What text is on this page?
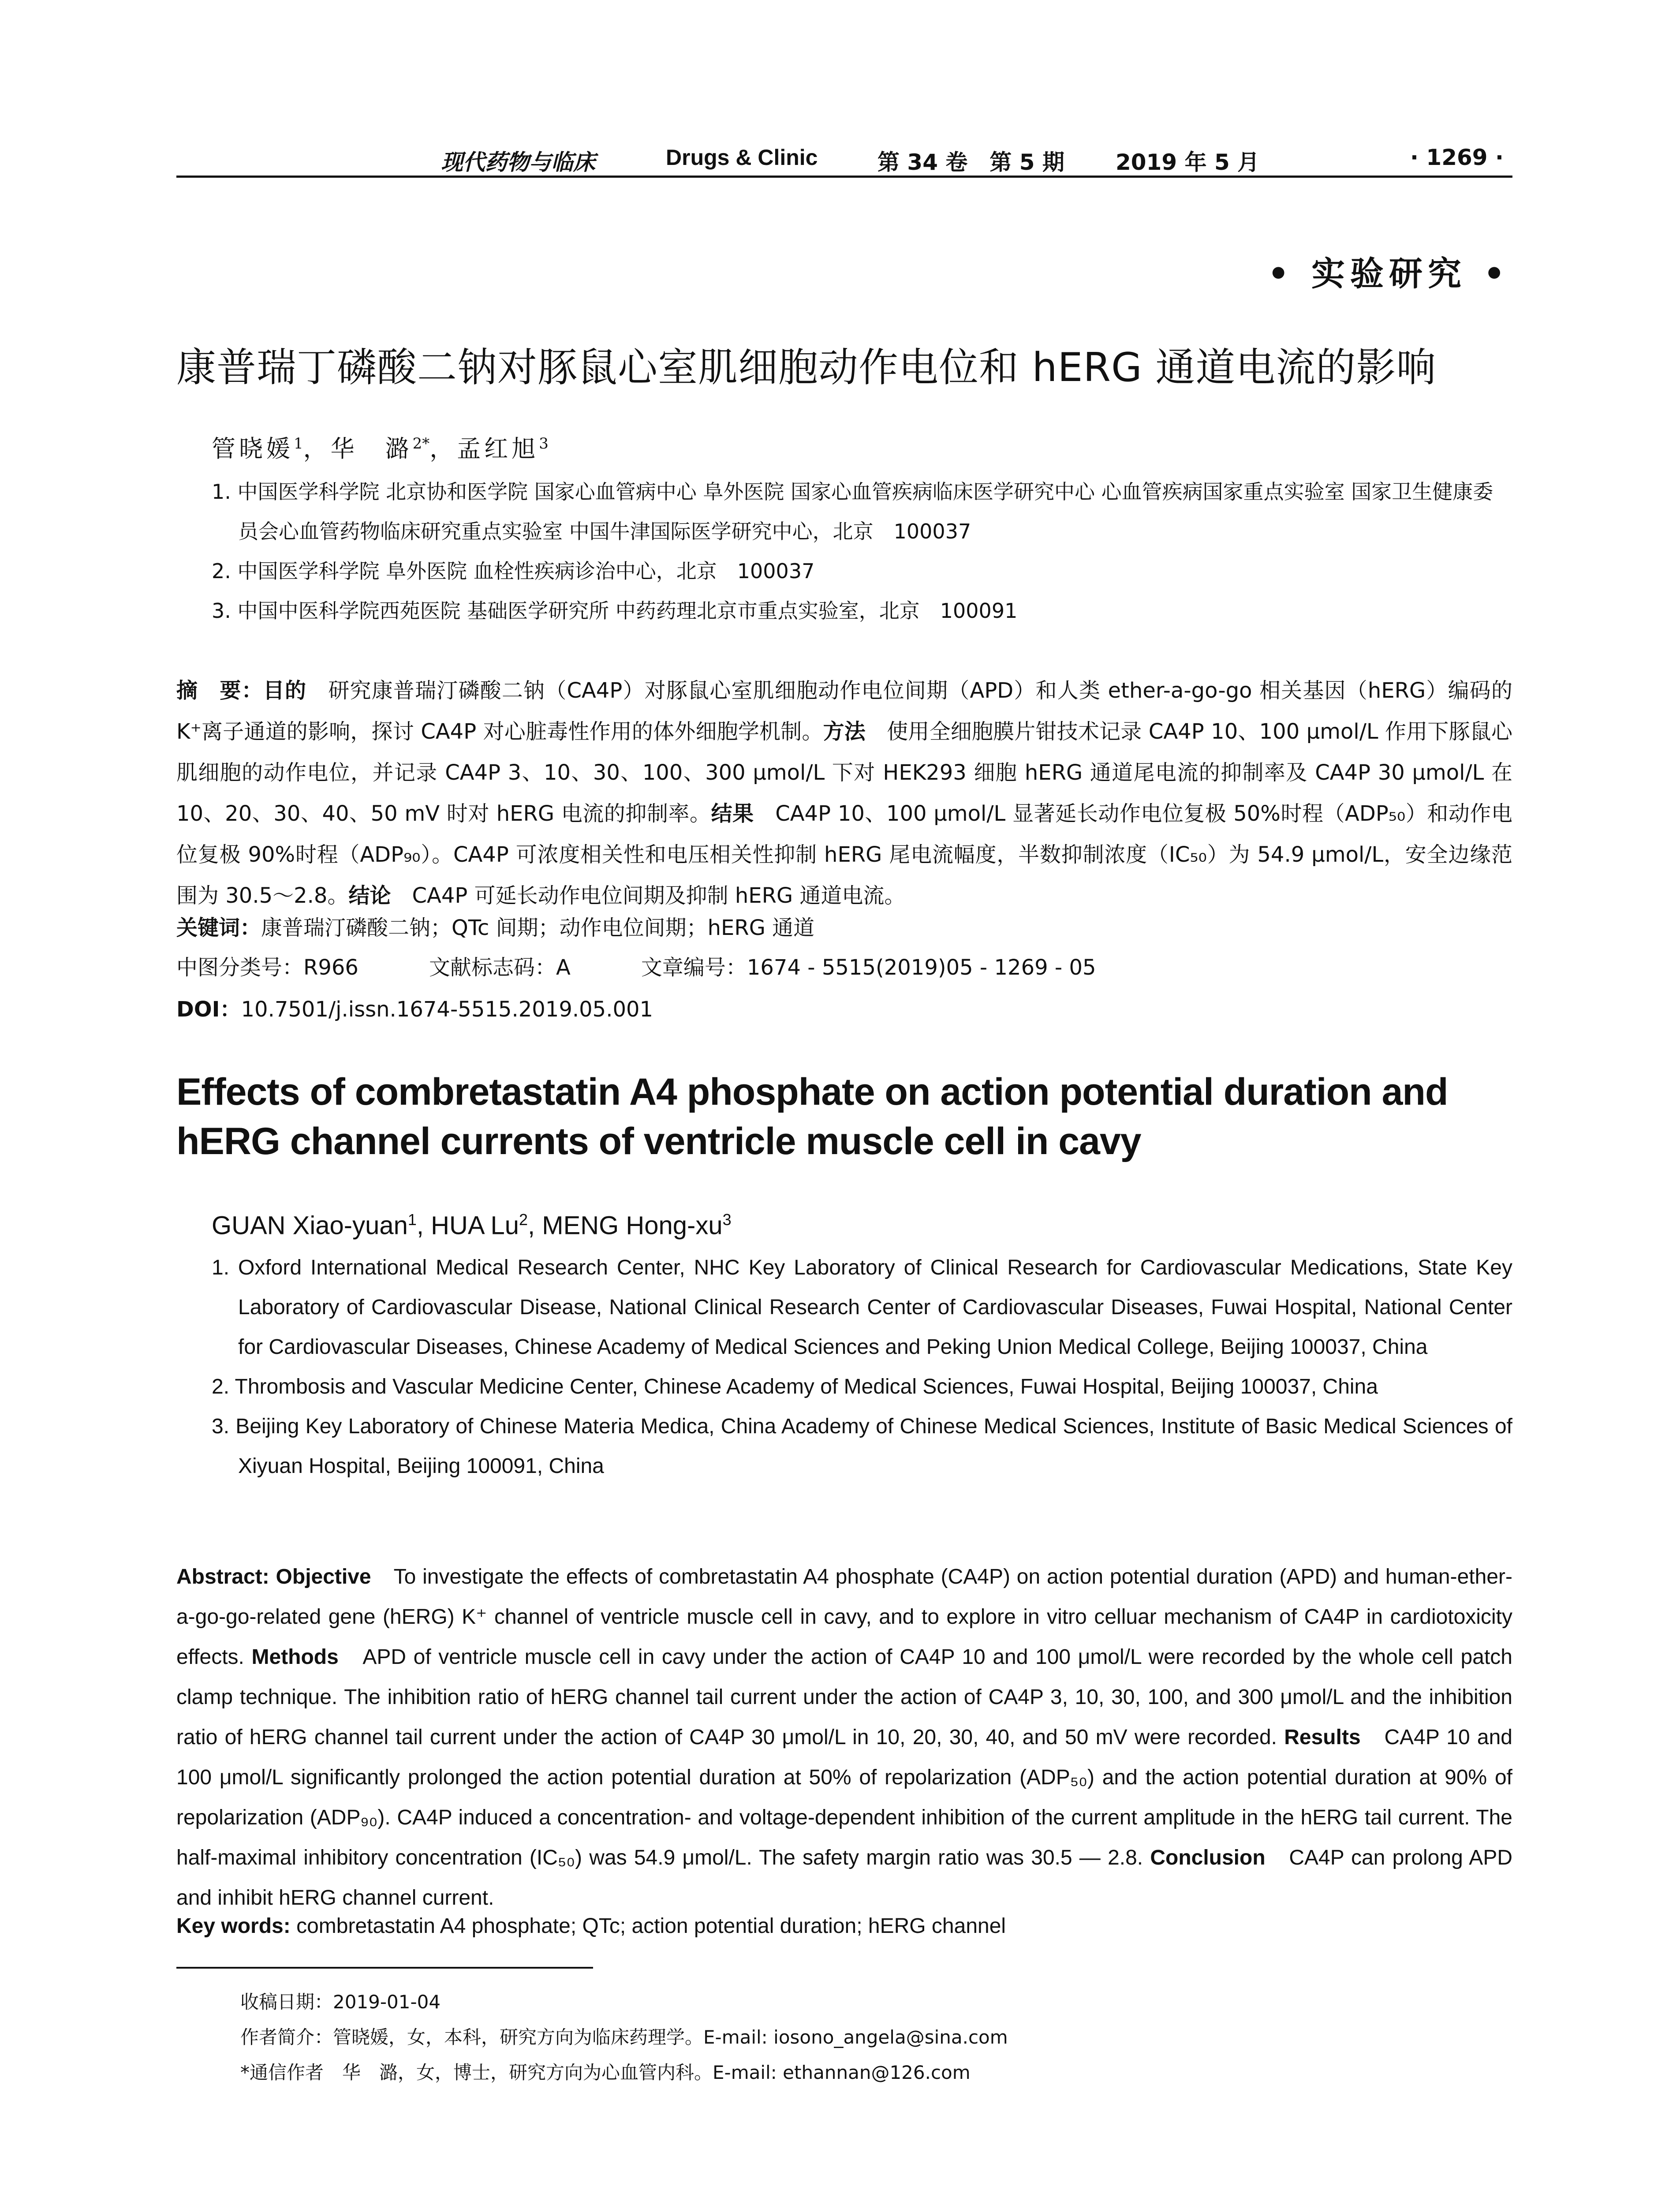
现代药物与临床	Drugs & Clinic	第 34 卷　第 5 期 2019 年 5 月	· 1269 ·
• 实验研究 •
康普瑞丁磷酸二钠对豚鼠心室肌细胞动作电位和 hERG 通道电流的影响
管晓媛$^1$，华　潞$^{2*}$，孟红旭$^3$
1. 中国医学科学院 北京协和医学院 国家心血管病中心 阜外医院 国家心血管疾病临床医学研究中心 心血管疾病国家重点实验室 国家卫生健康委员会心血管药物临床研究重点实验室 中国牛津国际医学研究中心，北京　100037
2. 中国医学科学院 阜外医院 血栓性疾病诊治中心，北京　100037
3. 中国中医科学院西苑医院 基础医学研究所 中药药理北京市重点实验室，北京　100091
摘　要：目的　 研究康普瑞汀磷酸二钠（CA4P）对豚鼠心室肌细胞动作电位间期（APD）和人类 ether-a-go-go 相关基因（hERG）编码的 K⁺离子通道的影响，探讨 CA4P 对心脏毒性作用的体外细胞学机制。方法　 使用全细胞膜片钳技术记录 CA4P 10、100 μmol/L 作用下豚鼠心肌细胞的动作电位，并记录 CA4P 3、10、30、100、300 μmol/L 下对 HEK293 细胞 hERG 通道尾电流的抑制率及 CA4P 30 μmol/L 在 10、20、30、40、50 mV 时对 hERG 电流的抑制率。结果　 CA4P 10、100 μmol/L 显著延长动作电位复极 50%时程（ADP₅₀）和动作电位复极 90%时程（ADP₉₀）。CA4P 可浓度相关性和电压相关性抑制 hERG 尾电流幅度，半数抑制浓度（IC₅₀）为 54.9 μmol/L，安全边缘范围为 30.5～2.8。结论　 CA4P 可延长动作电位间期及抑制 hERG 通道电流。
关键词：康普瑞汀磷酸二钠；QTc 间期；动作电位间期；hERG 通道
中图分类号：R966	文献标志码：A	文章编号：1674 - 5515(2019)05 - 1269 - 05
DOI：10.7501/j.issn.1674-5515.2019.05.001
Effects of combretastatin A4 phosphate on action potential duration and hERG channel currents of ventricle muscle cell in cavy
GUAN Xiao-yuan$^1$, HUA Lu$^2$, MENG Hong-$xu^3$
1. Oxford International Medical Research Center, NHC Key Laboratory of Clinical Research for Cardiovascular Medications, State Key Laboratory of Cardiovascular Disease, National Clinical Research Center of Cardiovascular Diseases, Fuwai Hospital, National Center for Cardiovascular Diseases, Chinese Academy of Medical Sciences and Peking Union Medical College, Beijing 100037, China
2. Thrombosis and Vascular Medicine Center, Chinese Academy of Medical Sciences, Fuwai Hospital, Beijing 100037, China
3. Beijing Key Laboratory of Chinese Materia Medica, China Academy of Chinese Medical Sciences, Institute of Basic Medical Sciences of Xiyuan Hospital, Beijing 100091, China
Abstract: Objective　 To investigate the effects of combretastatin A4 phosphate (CA4P) on action potential duration (APD) and human-ether-a-go-go-related gene (hERG) K⁺ channel of ventricle muscle cell in cavy, and to explore in vitro celluar mechanism of CA4P in cardiotoxicity effects. Methods　 APD of ventricle muscle cell in cavy under the action of CA4P 10 and 100 μmol/L were recorded by the whole cell patch clamp technique. The inhibition ratio of hERG channel tail current under the action of CA4P 3, 10, 30, 100, and 300 μmol/L and the inhibition ratio of hERG channel tail current under the action of CA4P 30 μmol/L in 10, 20, 30, 40, and 50 mV were recorded. Results　 CA4P 10 and 100 μmol/L significantly prolonged the action potential duration at 50% of repolarization (ADP₅₀) and the action potential duration at 90% of repolarization (ADP₉₀). CA4P induced a concentration- and voltage-dependent inhibition of the current amplitude in the hERG tail current. The half-maximal inhibitory concentration (IC₅₀) was 54.9 μmol/L. The safety margin ratio was 30.5 — 2.8. Conclusion　 CA4P can prolong APD and inhibit hERG channel current.
Key words: combretastatin A4 phosphate; QTc; action potential duration; hERG channel
收稿日期：2019-01-04
作者简介：管晓媛，女，本科，研究方向为临床药理学。E-mail: iosono_angela@sina.com
*通信作者　华　潞，女，博士，研究方向为心血管内科。E-mail: ethannan@126.com
